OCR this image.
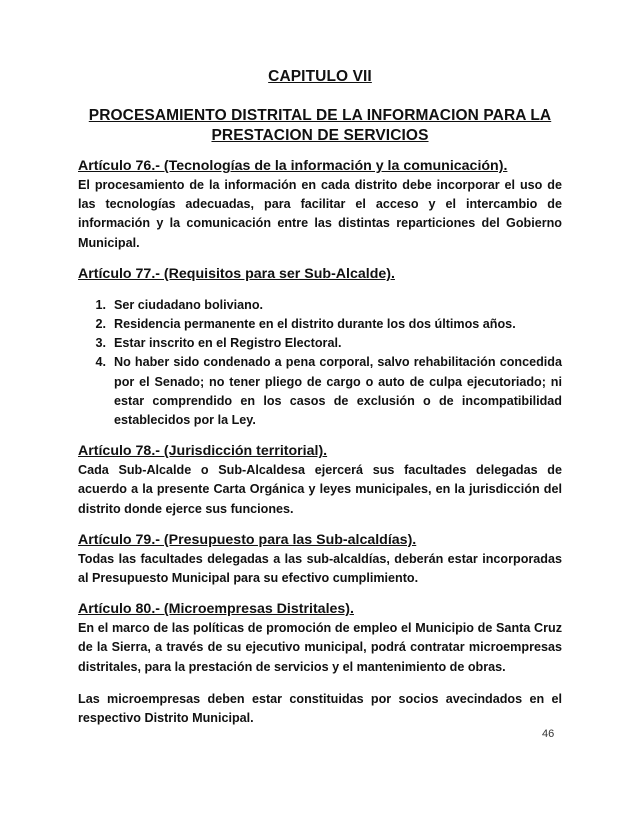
CAPITULO VII
PROCESAMIENTO DISTRITAL DE LA INFORMACION PARA LA PRESTACION DE SERVICIOS
Artículo 76.- (Tecnologías de la información y la comunicación).

El procesamiento de la información en cada distrito debe incorporar el uso de las tecnologías adecuadas, para facilitar el acceso y el intercambio de información y la comunicación entre las distintas reparticiones del Gobierno Municipal.

Artículo 77.- (Requisitos para ser Sub-Alcalde).
1. Ser ciudadano boliviano.
2. Residencia permanente en el distrito durante los dos últimos años.
3. Estar inscrito en el Registro Electoral.
4. No haber sido condenado a pena corporal, salvo rehabilitación concedida por el Senado; no tener pliego de cargo o auto de culpa ejecutoriado; ni estar comprendido en los casos de exclusión o de incompatibilidad establecidos por la Ley.
Artículo 78.- (Jurisdicción territorial).

Cada Sub-Alcalde o Sub-Alcaldesa ejercerá sus facultades delegadas de acuerdo a la presente Carta Orgánica y leyes municipales, en la jurisdicción del distrito donde ejerce sus funciones.

Artículo 79.- (Presupuesto para las Sub-alcaldías).

Todas las facultades delegadas a las sub-alcaldías, deberán estar incorporadas al Presupuesto Municipal para su efectivo cumplimiento.

Artículo 80.- (Microempresas Distritales).

En el marco de las políticas de promoción de empleo el Municipio de Santa Cruz de la Sierra, a través de su ejecutivo municipal, podrá contratar microempresas distritales, para la prestación de servicios y el mantenimiento de obras.

Las microempresas deben estar constituidas por socios avecindados en el respectivo Distrito Municipal.

46
